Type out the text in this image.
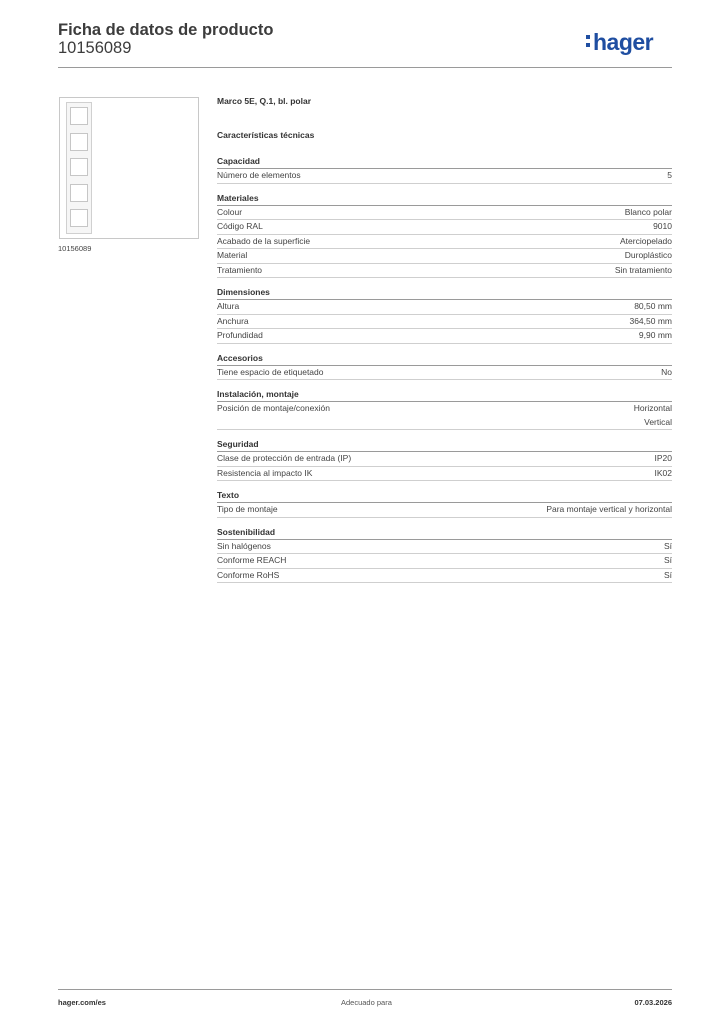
Ficha de datos de producto
10156089	hager
10156089
Marco 5E, Q.1, bl. polar
Características técnicas
Capacidad
Número de elementos	5
Materiales
Colour	Blanco polar
Código RAL	9010
Acabado de la superficie	Aterciopelado
Material	Duroplástico
Tratamiento	Sin tratamiento
Dimensiones
Altura	80,50 mm
Anchura	364,50 mm
Profundidad	9,90 mm
Accesorios
Tiene espacio de etiquetado	No
Instalación, montaje
Posición de montaje/conexión	Horizontal
Vertical
Seguridad
Clase de protección de entrada (IP)	IP20
Resistencia al impacto IK	IK02
Texto
Tipo de montaje	Para montaje vertical y horizontal
Sostenibilidad
Sin halógenos	Sí
Conforme REACH	Sí
Conforme RoHS	Sí
hager.com/es	Adecuado para	07.03.2026
